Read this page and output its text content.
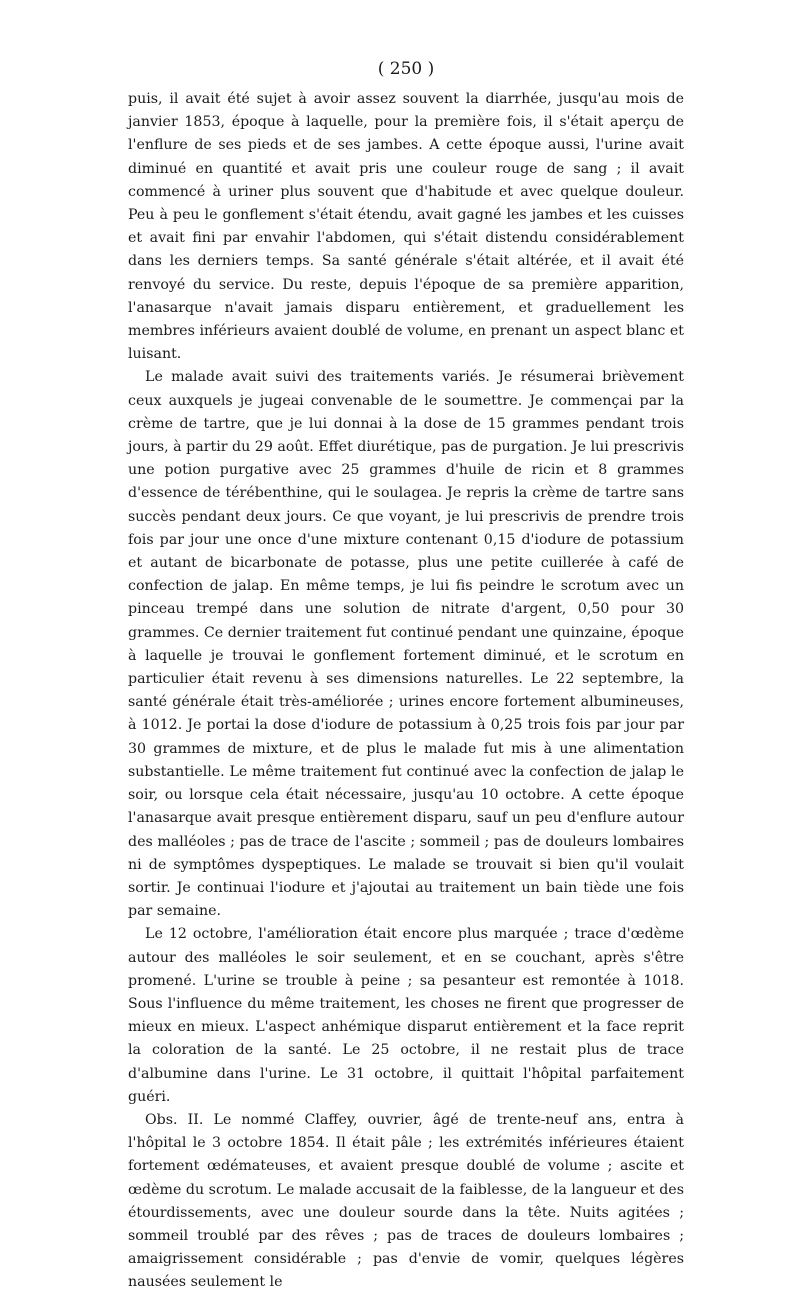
( 250 )

puis, il avait été sujet à avoir assez souvent la diarrhée, jusqu'au mois de janvier 1853, époque à laquelle, pour la première fois, il s'était aperçu de l'enflure de ses pieds et de ses jambes. A cette époque aussi, l'urine avait diminué en quantité et avait pris une couleur rouge de sang ; il avait commencé à uriner plus souvent que d'habitude et avec quelque douleur. Peu à peu le gonflement s'était étendu, avait gagné les jambes et les cuisses et avait fini par envahir l'abdomen, qui s'était distendu considérablement dans les derniers temps. Sa santé générale s'était altérée, et il avait été renvoyé du service. Du reste, depuis l'époque de sa première apparition, l'anasarque n'avait jamais disparu entièrement, et graduellement les membres inférieurs avaient doublé de volume, en prenant un aspect blanc et luisant.

Le malade avait suivi des traitements variés. Je résumerai brièvement ceux auxquels je jugeai convenable de le soumettre. Je commençai par la crème de tartre, que je lui donnai à la dose de 15 grammes pendant trois jours, à partir du 29 août. Effet diurétique, pas de purgation. Je lui prescrivis une potion purgative avec 25 grammes d'huile de ricin et 8 grammes d'essence de térébenthine, qui le soulagea. Je repris la crème de tartre sans succès pendant deux jours. Ce que voyant, je lui prescrivis de prendre trois fois par jour une once d'une mixture contenant 0,15 d'iodure de potassium et autant de bicarbonate de potasse, plus une petite cuillerée à café de confection de jalap. En même temps, je lui fis peindre le scrotum avec un pinceau trempé dans une solution de nitrate d'argent, 0,50 pour 30 grammes. Ce dernier traitement fut continué pendant une quinzaine, époque à laquelle je trouvai le gonflement fortement diminué, et le scrotum en particulier était revenu à ses dimensions naturelles. Le 22 septembre, la santé générale était très-améliorée ; urines encore fortement albumineuses, à 1012. Je portai la dose d'iodure de potassium à 0,25 trois fois par jour par 30 grammes de mixture, et de plus le malade fut mis à une alimentation substantielle. Le même traitement fut continué avec la confection de jalap le soir, ou lorsque cela était nécessaire, jusqu'au 10 octobre. A cette époque l'anasarque avait presque entièrement disparu, sauf un peu d'enflure autour des malléoles ; pas de trace de l'ascite ; sommeil ; pas de douleurs lombaires ni de symptômes dyspeptiques. Le malade se trouvait si bien qu'il voulait sortir. Je continuai l'iodure et j'ajoutai au traitement un bain tiède une fois par semaine.

Le 12 octobre, l'amélioration était encore plus marquée ; trace d'œdème autour des malléoles le soir seulement, et en se couchant, après s'être promené. L'urine se trouble à peine ; sa pesanteur est remontée à 1018. Sous l'influence du même traitement, les choses ne firent que progresser de mieux en mieux. L'aspect anhémique disparut entièrement et la face reprit la coloration de la santé. Le 25 octobre, il ne restait plus de trace d'albumine dans l'urine. Le 31 octobre, il quittait l'hôpital parfaitement guéri.

Obs. II. Le nommé Claffey, ouvrier, âgé de trente-neuf ans, entra à l'hôpital le 3 octobre 1854. Il était pâle ; les extrémités inférieures étaient fortement œdémateuses, et avaient presque doublé de volume ; ascite et œdème du scrotum. Le malade accusait de la faiblesse, de la langueur et des étourdissements, avec une douleur sourde dans la tête. Nuits agitées ; sommeil troublé par des rêves ; pas de traces de douleurs lombaires ; amaigrissement considérable ; pas d'envie de vomir, quelques légères nausées seulement le
